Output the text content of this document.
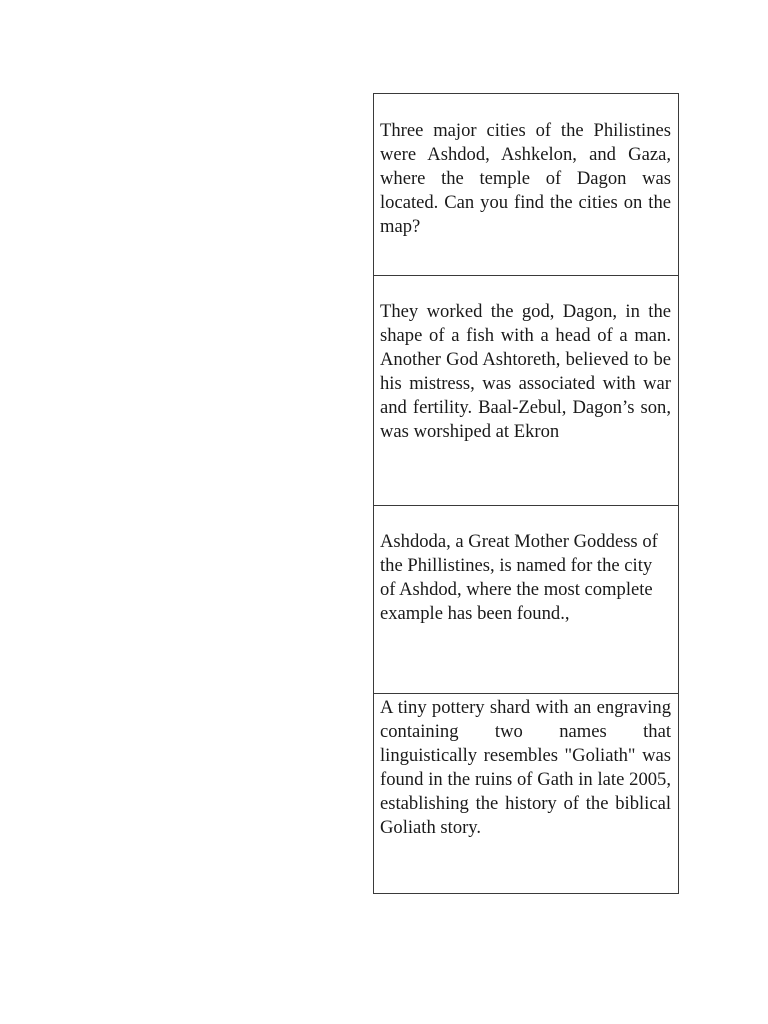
Three major cities of the Philistines were Ashdod, Ashkelon, and Gaza, where the temple of Dagon was located. Can you find the cities on the map?
They worked the god, Dagon, in the shape of a fish with a head of a man. Another God Ashtoreth, believed to be his mistress, was associated with war and fertility. Baal-Zebul, Dagon’s son, was worshiped at Ekron
Ashdoda, a Great Mother Goddess of the Phillistines, is named for the city of Ashdod, where the most complete example has been found.,
A tiny pottery shard with an engraving containing two names that linguistically resembles "Goliath" was found in the ruins of Gath in late 2005, establishing the history of the biblical Goliath story.
